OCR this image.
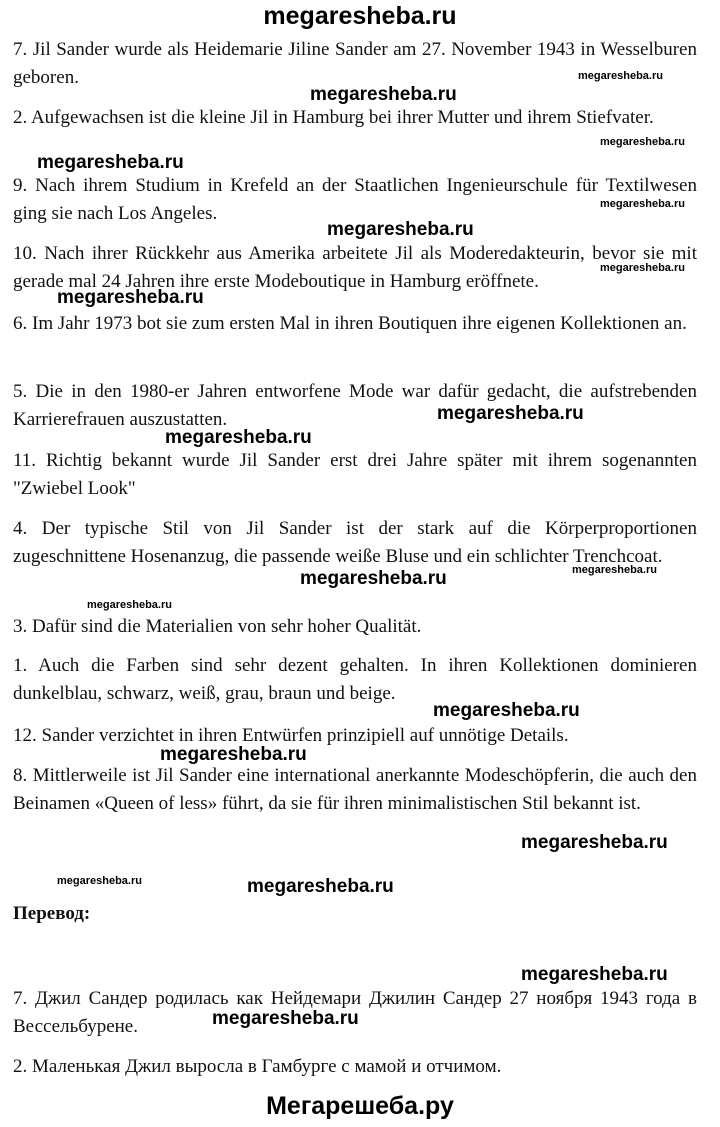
megaresheba.ru

7. Jil Sander wurde als Heidemarie Jiline Sander am 27. November 1943 in Wesselburen geboren.

2. Aufgewachsen ist die kleine Jil in Hamburg bei ihrer Mutter und ihrem Stiefvater.

9. Nach ihrem Studium in Krefeld an der Staatlichen Ingenieurschule für Textilwesen ging sie nach Los Angeles.

10. Nach ihrer Rückkehr aus Amerika arbeitete Jil als Moderedakteurin, bevor sie mit gerade mal 24 Jahren ihre erste Modeboutique in Hamburg eröffnete.

6. Im Jahr 1973 bot sie zum ersten Mal in ihren Boutiquen ihre eigenen Kollektionen an.

5. Die in den 1980-er Jahren entworfene Mode war dafür gedacht, die aufstrebenden Karrierefrauen auszustatten.

11. Richtig bekannt wurde Jil Sander erst drei Jahre später mit ihrem sogenannten "Zwiebel Look"

4. Der typische Stil von Jil Sander ist der stark auf die Körperproportionen zugeschnittene Hosenanzug, die passende weiße Bluse und ein schlichter Trenchcoat.

3. Dafür sind die Materialien von sehr hoher Qualität.

1. Auch die Farben sind sehr dezent gehalten. In ihren Kollektionen dominieren dunkelblau, schwarz, weiß, grau, braun und beige.

12. Sander verzichtet in ihren Entwürfen prinzipiell auf unnötige Details.

8. Mittlerweile ist Jil Sander eine international anerkannte Modeschöpferin, die auch den Beinamen «Queen of less» führt, da sie für ihren minimalistischen Stil bekannt ist.

Перевод:

7. Джил Сандер родилась как Нейдемари Джилин Сандер 27 ноября 1943 года в Вессельбурене.

2. Маленькая Джил выросла в Гамбурге с мамой и отчимом.

megaresheba.ru
megaresheba.ru
megaresheba.ru
megaresheba.ru
megaresheba.ru
megaresheba.ru
megaresheba.ru
megaresheba.ru
megaresheba.ru
megaresheba.ru
megaresheba.ru
megaresheba.ru
megaresheba.ru
megaresheba.ru
megaresheba.ru
megaresheba.ru
megaresheba.ru	megaresheba.ru
megaresheba.ru
megaresheba.ru
Мегарешеба.ру
